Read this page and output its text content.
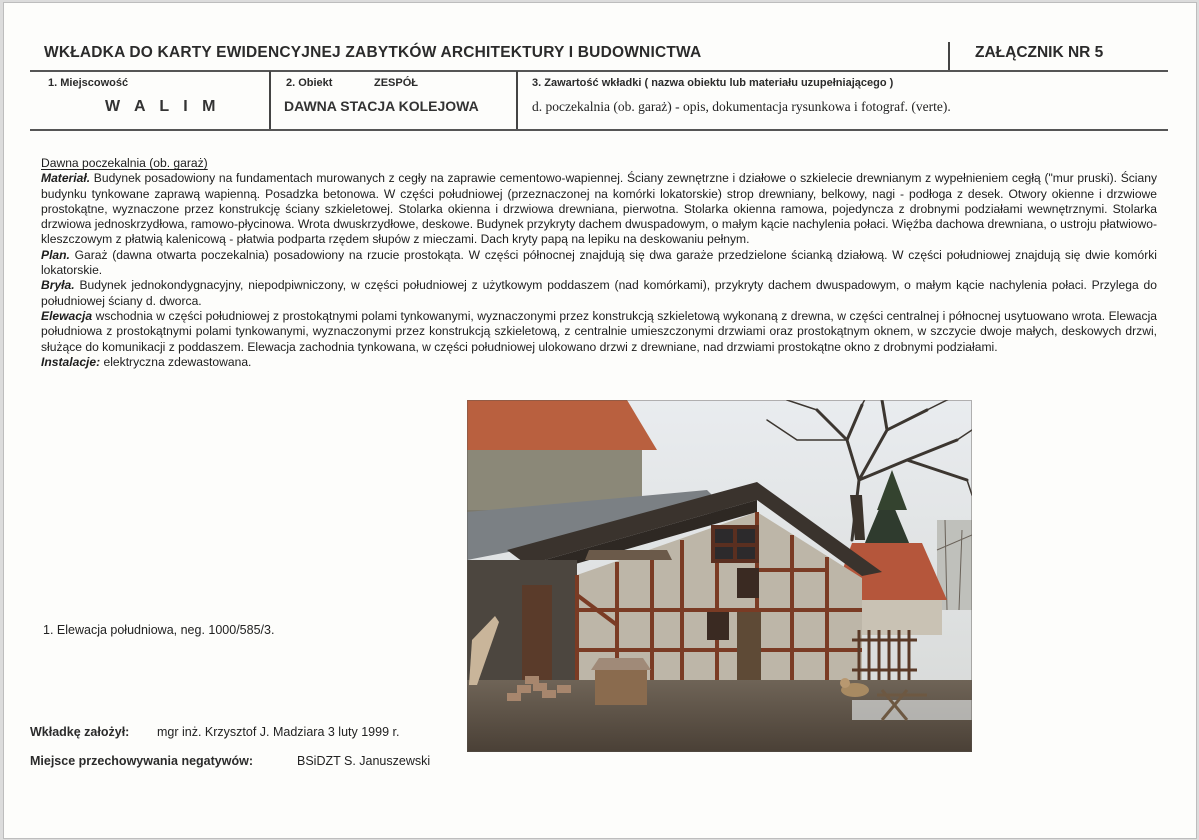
WKŁADKA DO KARTY EWIDENCYJNEJ ZABYTKÓW ARCHITEKTURY I BUDOWNICTWA	ZAŁĄCZNIK NR 5
1. Miejscowość
W A L I M
2. Obiekt	ZESPÓŁ
DAWNA STACJA KOLEJOWA
3. Zawartość wkładki ( nazwa obiektu lub materiału uzupełniającego )
d. poczekalnia (ob. garaż) - opis, dokumentacja rysunkowa i fotograf. (verte).

Dawna poczekalnia (ob. garaż)

Materiał. Budynek posadowiony na fundamentach murowanych z cegły na zaprawie cementowo-wapiennej. Ściany zewnętrzne i działowe o szkielecie drewnianym z wypełnieniem cegłą ("mur pruski). Ściany budynku tynkowane zaprawą wapienną. Posadzka betonowa. W części południowej (przeznaczonej na komórki lokatorskie) strop drewniany, belkowy, nagi - podłoga z desek. Otwory okienne i drzwiowe prostokątne, wyznaczone przez konstrukcję ściany szkieletowej. Stolarka okienna i drzwiowa drewniana, pierwotna. Stolarka okienna ramowa, pojedyncza z drobnymi podziałami wewnętrznymi. Stolarka drzwiowa jednoskrzydłowa, ramowo-płycinowa. Wrota dwuskrzydłowe, deskowe. Budynek przykryty dachem dwuspadowym, o małym kącie nachylenia połaci. Więźba dachowa drewniana, o ustroju płatwiowo-kleszczowym z płatwią kalenicową - płatwia podparta rzędem słupów z mieczami. Dach kryty papą na lepiku na deskowaniu pełnym.

Plan. Garaż (dawna otwarta poczekalnia) posadowiony na rzucie prostokąta. W części północnej znajdują się dwa garaże przedzielone ścianką działową. W części południowej znajdują się dwie komórki lokatorskie.

Bryła. Budynek jednokondygnacyjny, niepodpiwniczony, w części południowej z użytkowym poddaszem (nad komórkami), przykryty dachem dwuspadowym, o małym kącie nachylenia połaci. Przylega do południowej ściany d. dworca.

Elewacja wschodnia w części południowej z prostokątnymi polami tynkowanymi, wyznaczonymi przez konstrukcją szkieletową wykonaną z drewna, w części centralnej i północnej usytuowano wrota. Elewacja południowa z prostokątnymi polami tynkowanymi, wyznaczonymi przez konstrukcją szkieletową, z centralnie umieszczonymi drzwiami oraz prostokątnym oknem, w szczycie dwoje małych, deskowych drzwi, służące do komunikacji z poddaszem. Elewacja zachodnia tynkowana, w części południowej ulokowano drzwi z drewniane, nad drzwiami prostokątne okno z drobnymi podziałami.

Instalacje: elektryczna zdewastowana.

1. Elewacja południowa, neg. 1000/585/3.
Wkładkę założył: mgr inż. Krzysztof J. Madziara 3 luty 1999 r.
Miejsce przechowywania negatywów:	BSiDZT S. Januszewski
